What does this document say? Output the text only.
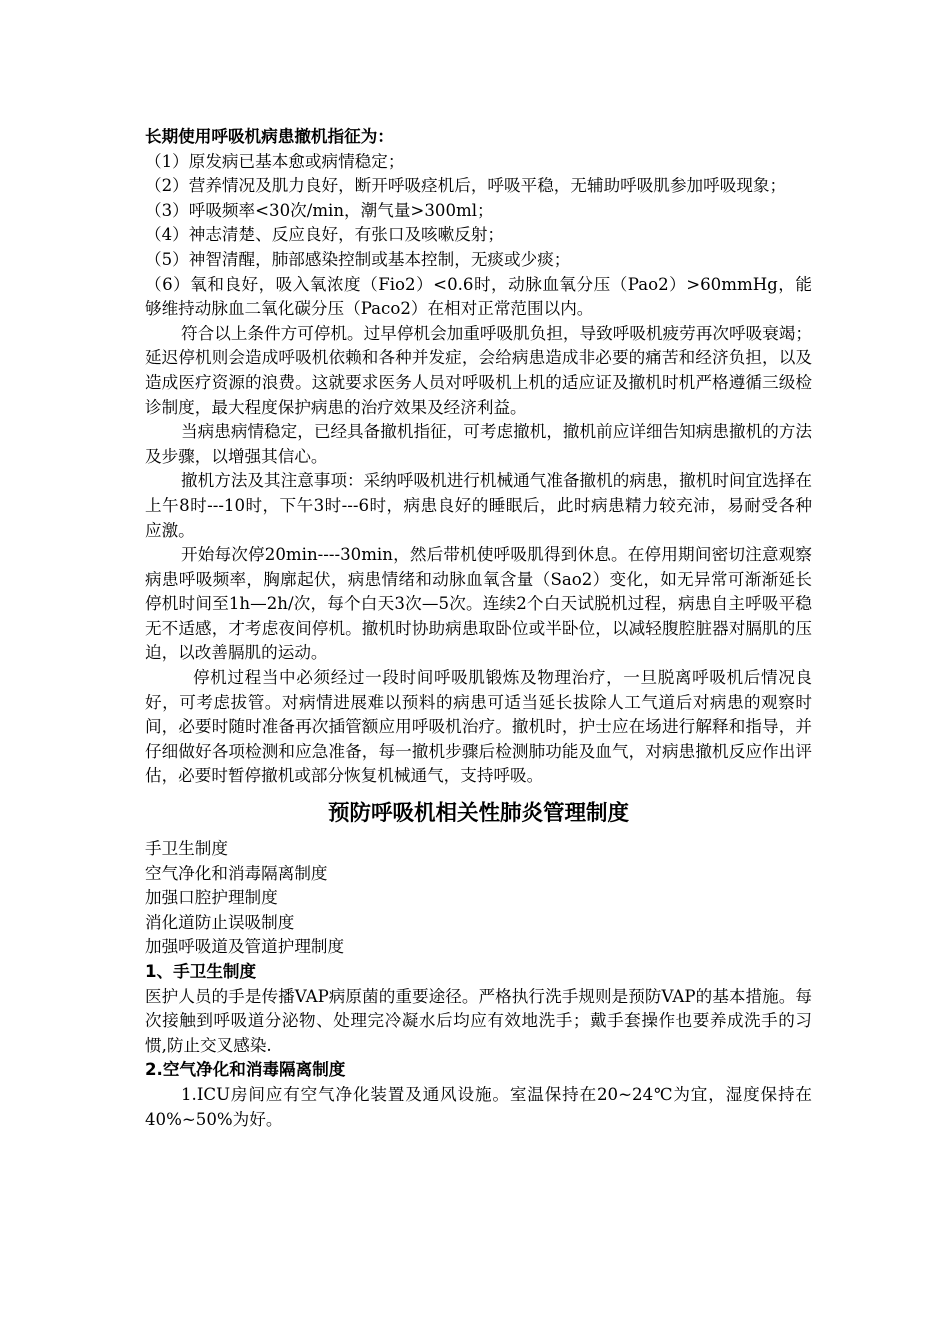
长期使用呼吸机病患撤机指征为：

（1）原发病已基本愈或病情稳定；

（2）营养情况及肌力良好，断开呼吸痉机后，呼吸平稳，无辅助呼吸肌参加呼吸现象；

（3）呼吸频率<30次/min，潮气量>300ml；

（4）神志清楚、反应良好，有张口及咳嗽反射；

（5）神智清醒，肺部感染控制或基本控制，无痰或少痰；

（6）氧和良好，吸入氧浓度（Fio2）<0.6时，动脉血氧分压（Pao2）>60mmHg，能够维持动脉血二氧化碳分压（Paco2）在相对正常范围以内。

符合以上条件方可停机。过早停机会加重呼吸肌负担，导致呼吸机疲劳再次呼吸衰竭；延迟停机则会造成呼吸机依赖和各种并发症，会给病患造成非必要的痛苦和经济负担，以及造成医疗资源的浪费。这就要求医务人员对呼吸机上机的适应证及撤机时机严格遵循三级检诊制度，最大程度保护病患的治疗效果及经济利益。

当病患病情稳定，已经具备撤机指征，可考虑撤机，撤机前应详细告知病患撤机的方法及步骤，以增强其信心。

撤机方法及其注意事项：采纳呼吸机进行机械通气准备撤机的病患，撤机时间宜选择在上午8时---10时，下午3时---6时，病患良好的睡眠后，此时病患精力较充沛，易耐受各种应激。

开始每次停20min----30min，然后带机使呼吸肌得到休息。在停用期间密切注意观察病患呼吸频率，胸廓起伏，病患情绪和动脉血氧含量（Sao2）变化，如无异常可渐渐延长停机时间至1h—2h/次，每个白天3次—5次。连续2个白天试脱机过程，病患自主呼吸平稳无不适感，才考虑夜间停机。撤机时协助病患取卧位或半卧位，以减轻腹腔脏器对膈肌的压迫，以改善膈肌的运动。

停机过程当中必须经过一段时间呼吸肌锻炼及物理治疗，一旦脱离呼吸机后情况良好，可考虑拔管。对病情进展难以预料的病患可适当延长拔除人工气道后对病患的观察时间，必要时随时准备再次插管额应用呼吸机治疗。撤机时，护士应在场进行解释和指导，并仔细做好各项检测和应急准备，每一撤机步骤后检测肺功能及血气，对病患撤机反应作出评估，必要时暂停撤机或部分恢复机械通气，支持呼吸。

预防呼吸机相关性肺炎管理制度
手卫生制度
空气净化和消毒隔离制度
加强口腔护理制度
消化道防止误吸制度
加强呼吸道及管道护理制度

1、手卫生制度

医护人员的手是传播VAP病原菌的重要途径。严格执行洗手规则是预防VAP的基本措施。每次接触到呼吸道分泌物、处理完冷凝水后均应有效地洗手；戴手套操作也要养成洗手的习惯,防止交叉感染.

2.空气净化和消毒隔离制度

1.ICU房间应有空气净化装置及通风设施。室温保持在20~24℃为宜，湿度保持在40%~50%为好。
